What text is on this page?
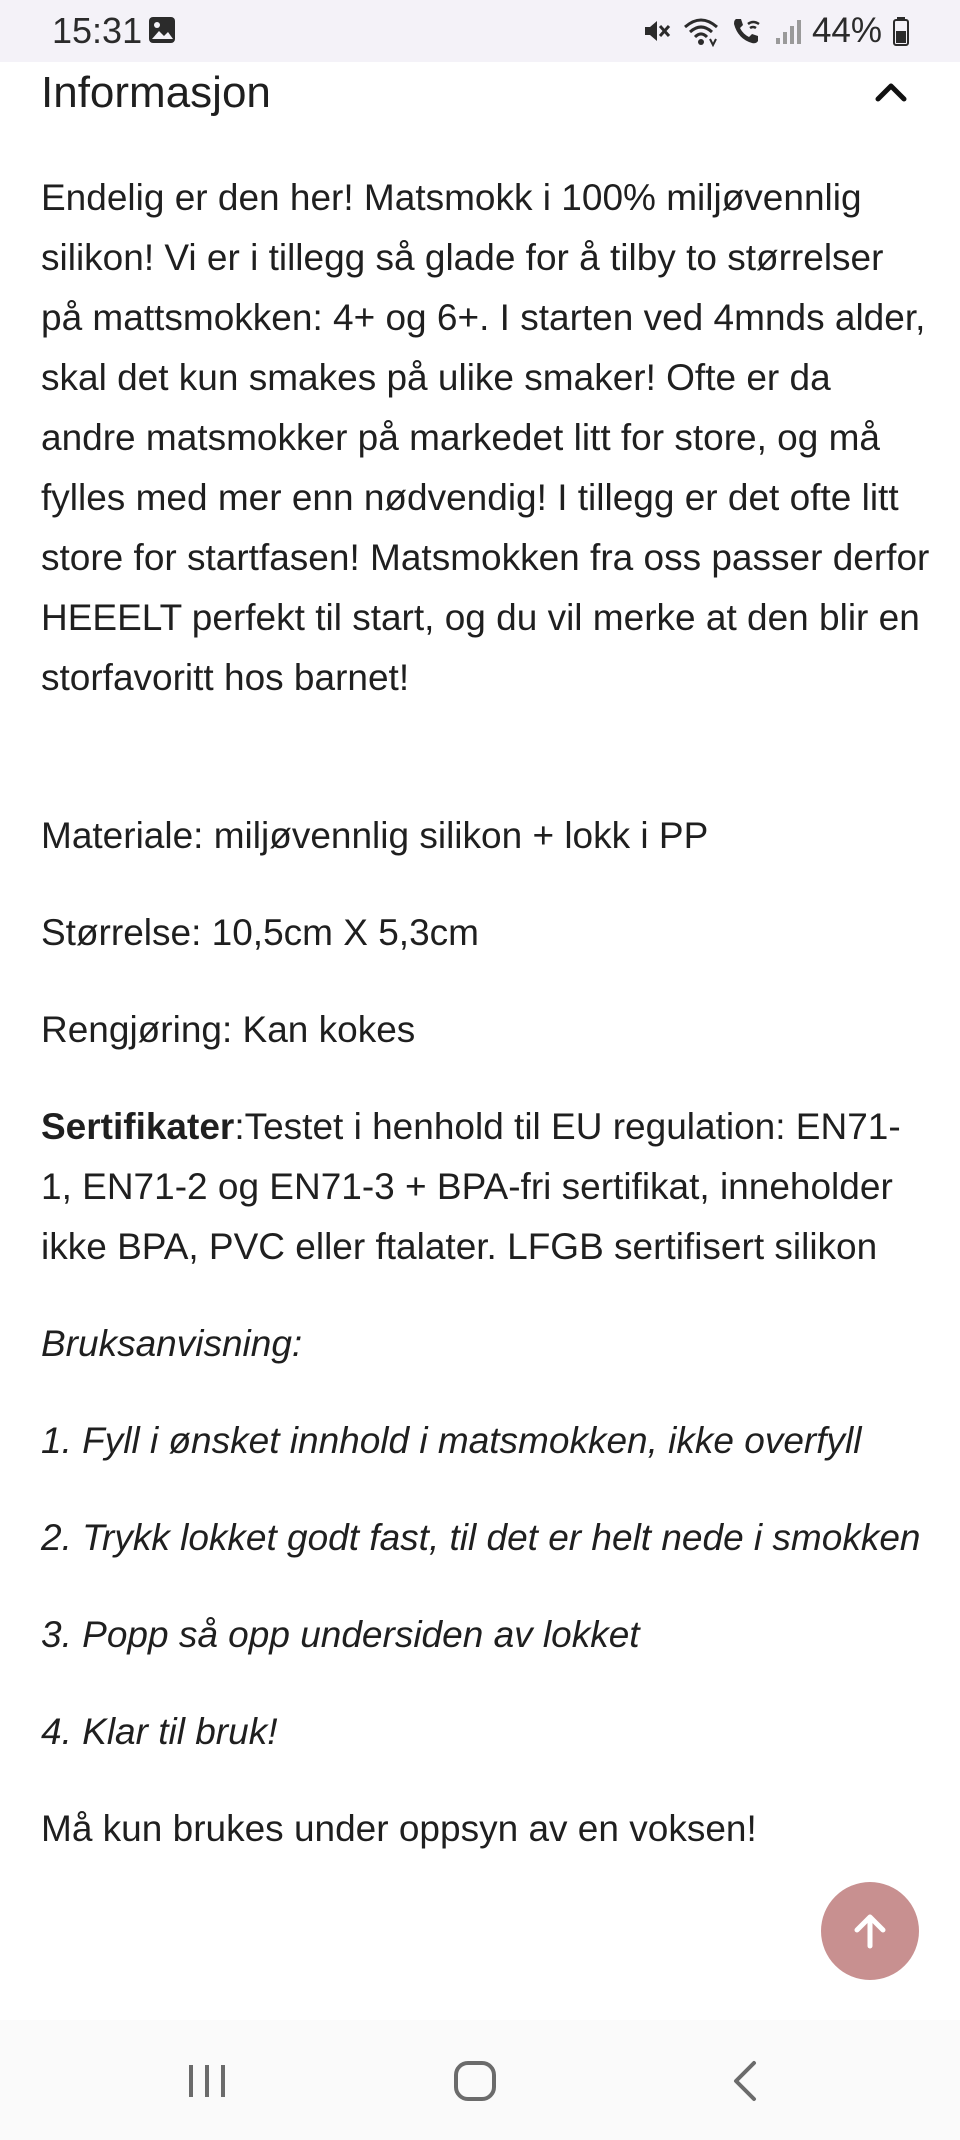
15:31	44%
Informasjon

Endelig er den her! Matsmokk i 100% miljøvennlig silikon! Vi er i tillegg så glade for å tilby to størrelser på mattsmokken: 4+ og 6+. I starten ved 4mnds alder, skal det kun smakes på ulike smaker! Ofte er da andre matsmokker på markedet litt for store, og må fylles med mer enn nødvendig! I tillegg er det ofte litt store for startfasen! Matsmokken fra oss passer derfor HEEELT perfekt til start, og du vil merke at den blir en storfavoritt hos barnet!

Materiale: miljøvennlig silikon + lokk i PP

Størrelse: 10,5cm X 5,3cm

Rengjøring: Kan kokes

Sertifikater:Testet i henhold til EU regulation: EN71-1, EN71-2 og EN71-3 + BPA-fri sertifikat, inneholder ikke BPA, PVC eller ftalater. LFGB sertifisert silikon

Bruksanvisning:

1. Fyll i ønsket innhold i matsmokken, ikke overfyll

2. Trykk lokket godt fast, til det er helt nede i smokken

3. Popp så opp undersiden av lokket

4. Klar til bruk!

Må kun brukes under oppsyn av en voksen!
